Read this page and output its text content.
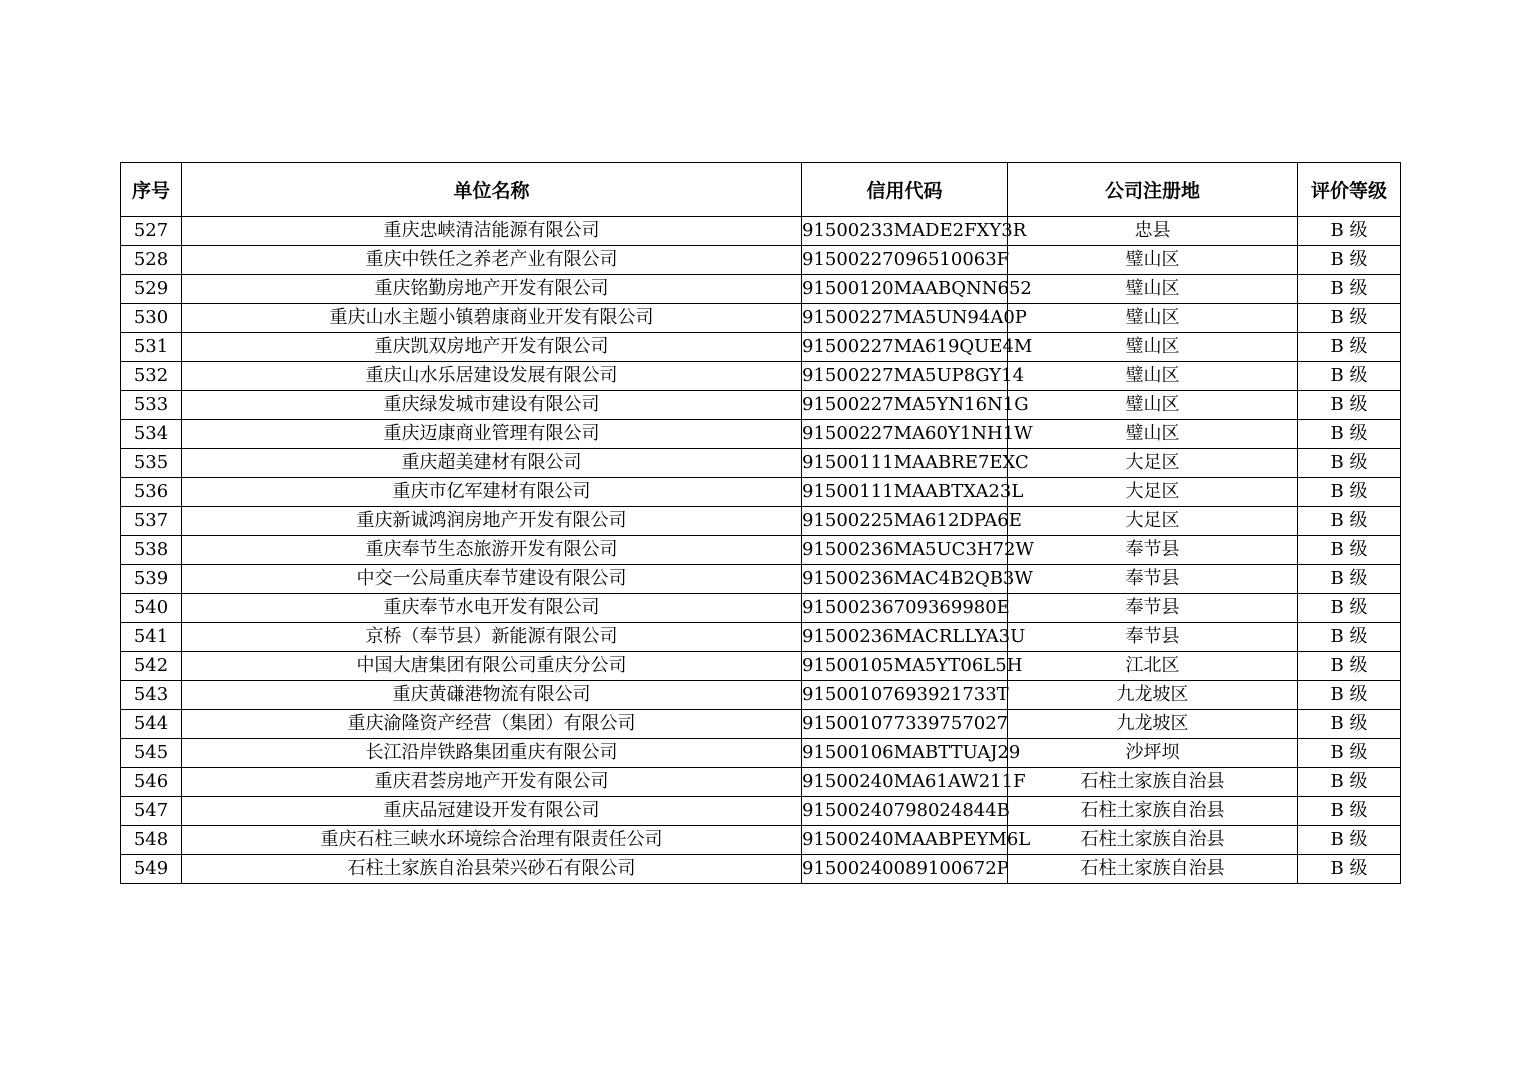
序号	单位名称	信用代码	公司注册地	评价等级
527	重庆忠峡清洁能源有限公司	91500233MADE2FXY3R	忠县	B 级
528	重庆中铁任之养老产业有限公司	91500227096510063F	璧山区	B 级
529	重庆铭勤房地产开发有限公司	91500120MAABQNN652	璧山区	B 级
530	重庆山水主题小镇碧康商业开发有限公司	91500227MA5UN94A0P	璧山区	B 级
531	重庆凯双房地产开发有限公司	91500227MA619QUE4M	璧山区	B 级
532	重庆山水乐居建设发展有限公司	91500227MA5UP8GY14	璧山区	B 级
533	重庆绿发城市建设有限公司	91500227MA5YN16N1G	璧山区	B 级
534	重庆迈康商业管理有限公司	91500227MA60Y1NH1W	璧山区	B 级
535	重庆超美建材有限公司	91500111MAABRE7EXC	大足区	B 级
536	重庆市亿军建材有限公司	91500111MAABTXA23L	大足区	B 级
537	重庆新诚鸿润房地产开发有限公司	91500225MA612DPA6E	大足区	B 级
538	重庆奉节生态旅游开发有限公司	91500236MA5UC3H72W	奉节县	B 级
539	中交一公局重庆奉节建设有限公司	91500236MAC4B2QB3W	奉节县	B 级
540	重庆奉节水电开发有限公司	91500236709369980E	奉节县	B 级
541	京桥（奉节县）新能源有限公司	91500236MACRLLYA3U	奉节县	B 级
542	中国大唐集团有限公司重庆分公司	91500105MA5YT06L5H	江北区	B 级
543	重庆黄磏港物流有限公司	91500107693921733T	九龙坡区	B 级
544	重庆渝隆资产经营（集团）有限公司	915001077339757027	九龙坡区	B 级
545	长江沿岸铁路集团重庆有限公司	91500106MABTTUAJ29	沙坪坝	B 级
546	重庆君荟房地产开发有限公司	91500240MA61AW211F	石柱土家族自治县	B 级
547	重庆品冠建设开发有限公司	91500240798024844B	石柱土家族自治县	B 级
548	重庆石柱三峡水环境综合治理有限责任公司	91500240MAABPEYM6L	石柱土家族自治县	B 级
549	石柱土家族自治县荣兴砂石有限公司	91500240089100672P	石柱土家族自治县	B 级
